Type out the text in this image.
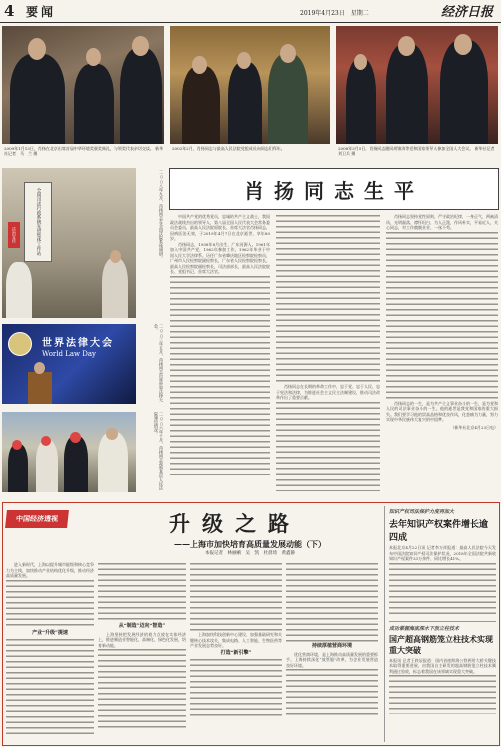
4 要闻	2019年4月23日　星期二	经济日报
2009年1月13日，肖扬在北京出席首届中华环境奖颁奖典礼，与领奖代表亲切交谈。 新华社记者　马　兰 摄
2002年2月，肖扬同志与最高人民法院党组成员向同志们拜年。	2008年3月5日，肖扬同志随同胡锦涛等党和国家领导人参加全国人大会议。 新华社记者　刘卫兵 摄
全国司法行政系统先进集体工作站
法治宣传
世界法律大会
World Law Day
二○○八年九月，肖扬同志在全国法院系统调研。
二○○三年五月，肖扬同志出席世界法律大会。
二○○六年十月，肖扬同志视察基层人民法院建设情况。
肖扬同志生平

中国共产党的优秀党员，忠诚的共产主义战士，我国政法战线杰出的领导人，第八届全国人民代表大会常务委员会委员，最高人民法院原院长、首席大法官肖扬同志，因病医治无效，于2019年4月7日在北京逝世，享年80岁。

肖扬同志，1938年8月出生，广东河源人。1961年加入中国共产党，1962年参加工作。1962年毕业于中国人民大学法律系。历任广东省肇庆地区检察院检察员，广州市人民检察院副检察长，广东省人民检察院检察长，最高人民检察院副检察长，司法部部长，最高人民法院院长、党组书记、首席大法官。

肖扬同志在长期的革命工作中，忠于党、忠于人民、忠于宪法和法律，为推进社会主义民主法制建设，推动司法改革作出了重要贡献。

肖扬同志坚持党性原则，严守政治纪律，一身正气，两袖清风，光明磊落，襟怀坦白，为人正派，作风朴实，平易近人，关心同志，对工作兢兢业业、一丝不苟。

肖扬同志的一生，是为共产主义事业奋斗的一生，是为党和人民的司法事业奋斗的一生。他的逝世是我党和国家的重大损失。我们要学习他的崇高品格和优良作风，化悲痛为力量，努力实现中华民族伟大复兴的中国梦。

（新华社北京4月23日电）
中国经济透视	升级之路
——上海市加快培育高质量发展动能（下）
本报记者　林丽鹂　吴　凯　杜晨琦　黄鑫静

进入新时代，上海以提升城市能级和核心竞争力为主线，加快推动产业结构优化升级，推动经济高质量发展。

产业“升级”提速
从“制造”迈向“智造”

上海坚持把发展经济的着力点放在实体经济上，推进制造业智能化、高端化、绿色化发展，培育新动能。

上海加快科技创新中心建设，加强基础研究和关键核心技术攻关，集成电路、人工智能、生物医药等产业发展态势良好。

打造“新引擎”
持续厚植营商环境

优化营商环境，是上海推动高质量发展的重要抓手。上海持续深化“放管服”改革，为企业发展营造良好环境。

知识产权司法保护力度再加大
去年知识产权案件增长逾四成
本报北京4月22日讯 记者李万祥报道：最高人民法院今天发布中国法院知识产权司法保护状况，2018年全国法院共新收知识产权案件33万余件，同比增长41%。
成功掌握海底深水下放立柱技术
国产超高钢筋笼立柱技术实现重大突破
本报讯 记者王轶辰报道：国内首座跨海公铁两用大桥关键技术取得重要进展，由我国自主研发的超高钢筋笼立柱技术顺利通过验收，标志着我国在该领域实现重大突破。
